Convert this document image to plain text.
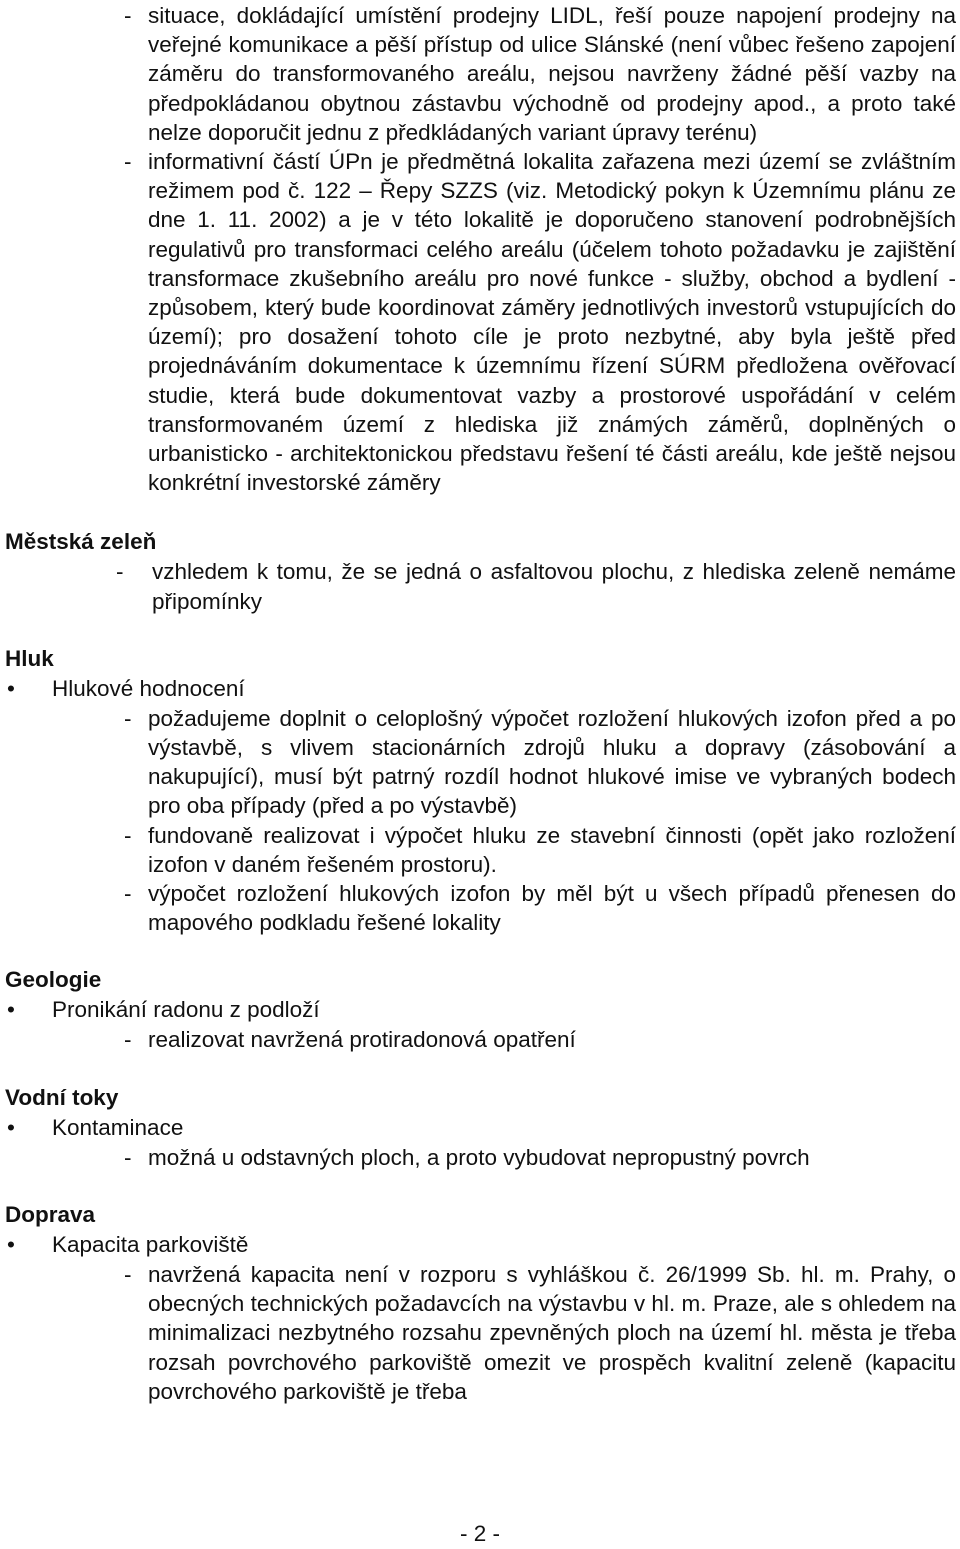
- situace, dokládající umístění prodejny LIDL, řeší pouze napojení prodejny na veřejné komunikace a pěší přístup od ulice Slánské (není vůbec řešeno zapojení záměru do transformovaného areálu, nejsou navrženy žádné pěší vazby na předpokládanou obytnou zástavbu východně od prodejny apod., a proto také nelze doporučit jednu z předkládaných variant úpravy terénu)
- informativní částí ÚPn je předmětná lokalita zařazena mezi území se zvláštním režimem pod č. 122 – Řepy SZZS (viz. Metodický pokyn k Územnímu plánu ze dne 1. 11. 2002) a je v této lokalitě je doporučeno stanovení podrobnějších regulativů pro transformaci celého areálu (účelem tohoto požadavku je zajištění transformace zkušebního areálu pro nové funkce - služby, obchod a bydlení - způsobem, který bude koordinovat záměry jednotlivých investorů vstupujících do území); pro dosažení tohoto cíle je proto nezbytné, aby byla ještě před projednáváním dokumentace k územnímu řízení SÚRM předložena ověřovací studie, která bude dokumentovat vazby a prostorové uspořádání v celém transformovaném území z hlediska již známých záměrů, doplněných o urbanisticko - architektonickou představu řešení té části areálu, kde ještě nejsou konkrétní investorské záměry
Městská zeleň
- vzhledem k tomu, že se jedná o asfaltovou plochu, z hlediska zeleně nemáme připomínky
Hluk
• Hlukové hodnocení
- požadujeme doplnit o celoplošný výpočet rozložení hlukových izofon před a po výstavbě, s vlivem stacionárních zdrojů hluku a dopravy (zásobování a nakupující), musí být patrný rozdíl hodnot hlukové imise ve vybraných bodech pro oba případy (před a po výstavbě)
- fundovaně realizovat i výpočet hluku ze stavební činnosti (opět jako rozložení izofon v daném řešeném prostoru).
- výpočet rozložení hlukových izofon by měl být u všech případů přenesen do mapového podkladu řešené lokality
Geologie
• Pronikání radonu z podloží
- realizovat navržená protiradonová opatření
Vodní toky
• Kontaminace
- možná u odstavných ploch, a proto vybudovat nepropustný povrch
Doprava
• Kapacita parkoviště
- navržená kapacita není v rozporu s vyhláškou č. 26/1999 Sb. hl. m. Prahy, o obecných technických požadavcích na výstavbu v hl. m. Praze, ale s ohledem na minimalizaci nezbytného rozsahu zpevněných ploch na území hl. města je třeba rozsah povrchového parkoviště omezit ve prospěch kvalitní zeleně (kapacitu povrchového parkoviště je třeba
- 2 -
